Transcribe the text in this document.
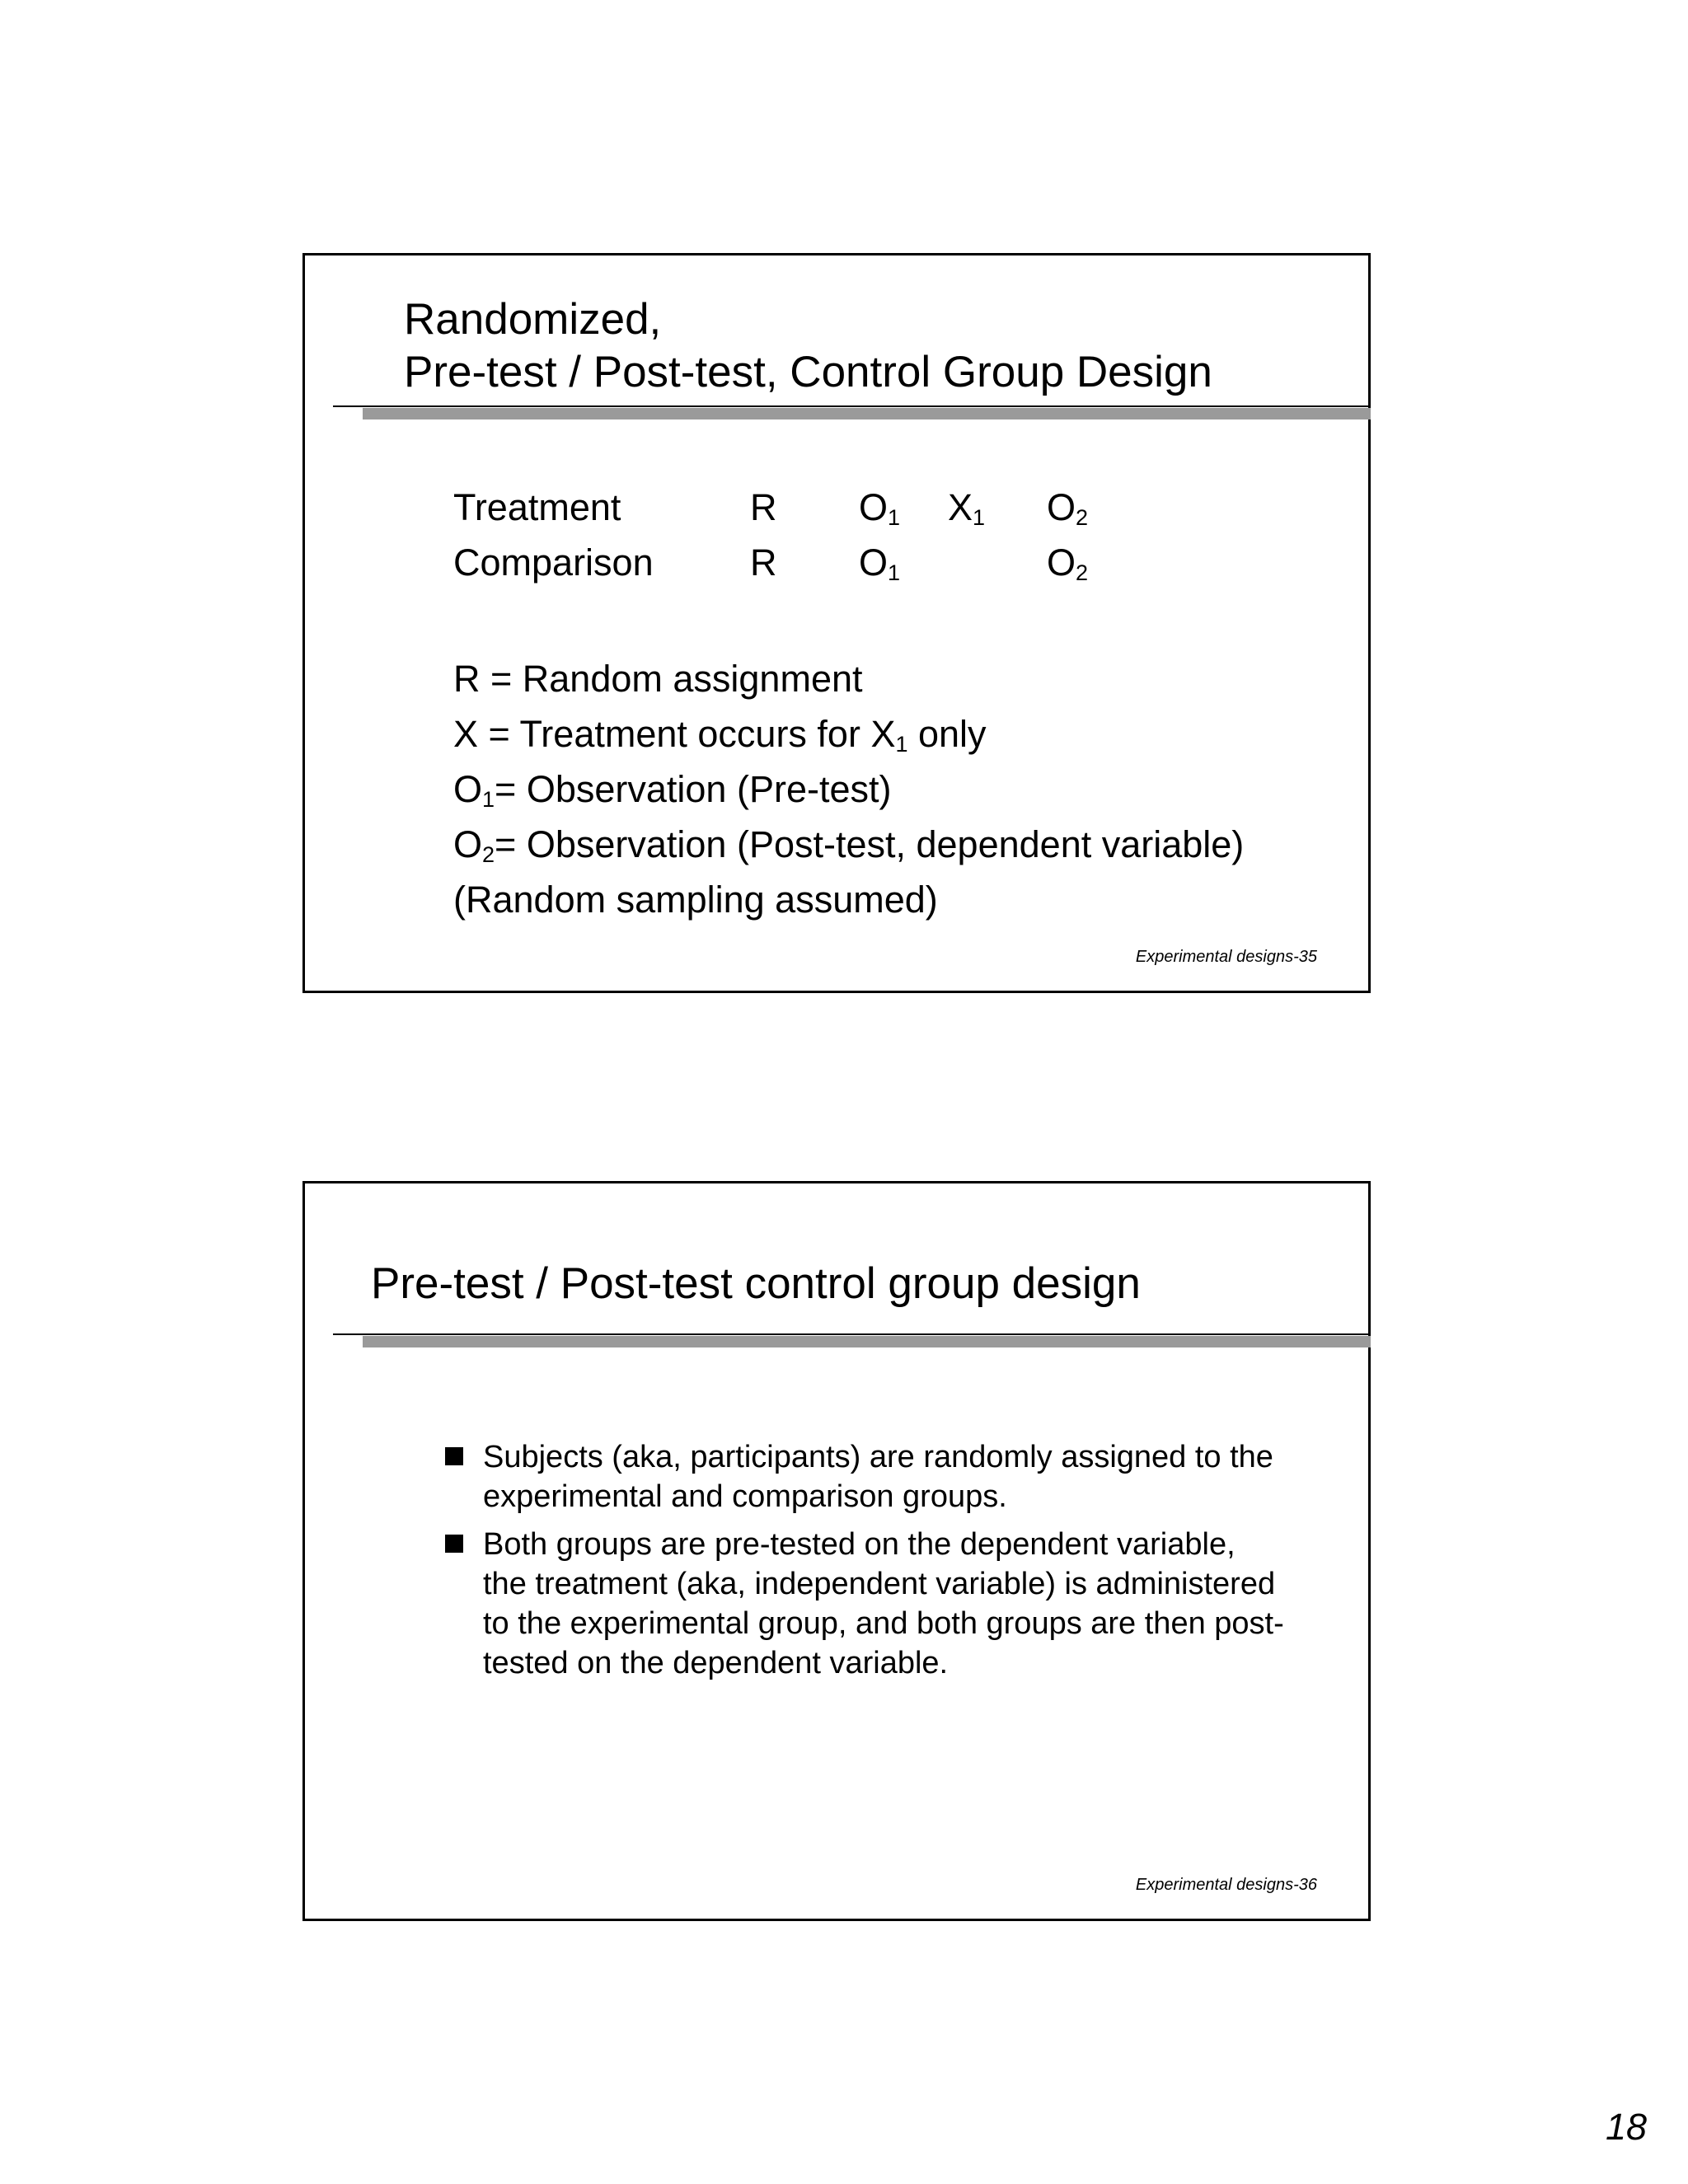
Randomized,
Pre-test / Post-test, Control Group Design
Treatment	R $O_1$ $X_1$ $O_2$
Comparison	R $O_1$	$O_2$
R = Random assignment
X = Treatment occurs for $X_1$ only
$O_1=$ Observation (Pre-test)
$O_2=$ Observation (Post-test, dependent variable)
(Random sampling assumed)
Experimental designs-35
Pre-test / Post-test control group design
Subjects (aka, participants) are randomly assigned to the experimental and comparison groups.
Both groups are pre-tested on the dependent variable, the treatment (aka, independent variable) is administered to the experimental group, and both groups are then post-tested on the dependent variable.
Experimental designs-36
18
